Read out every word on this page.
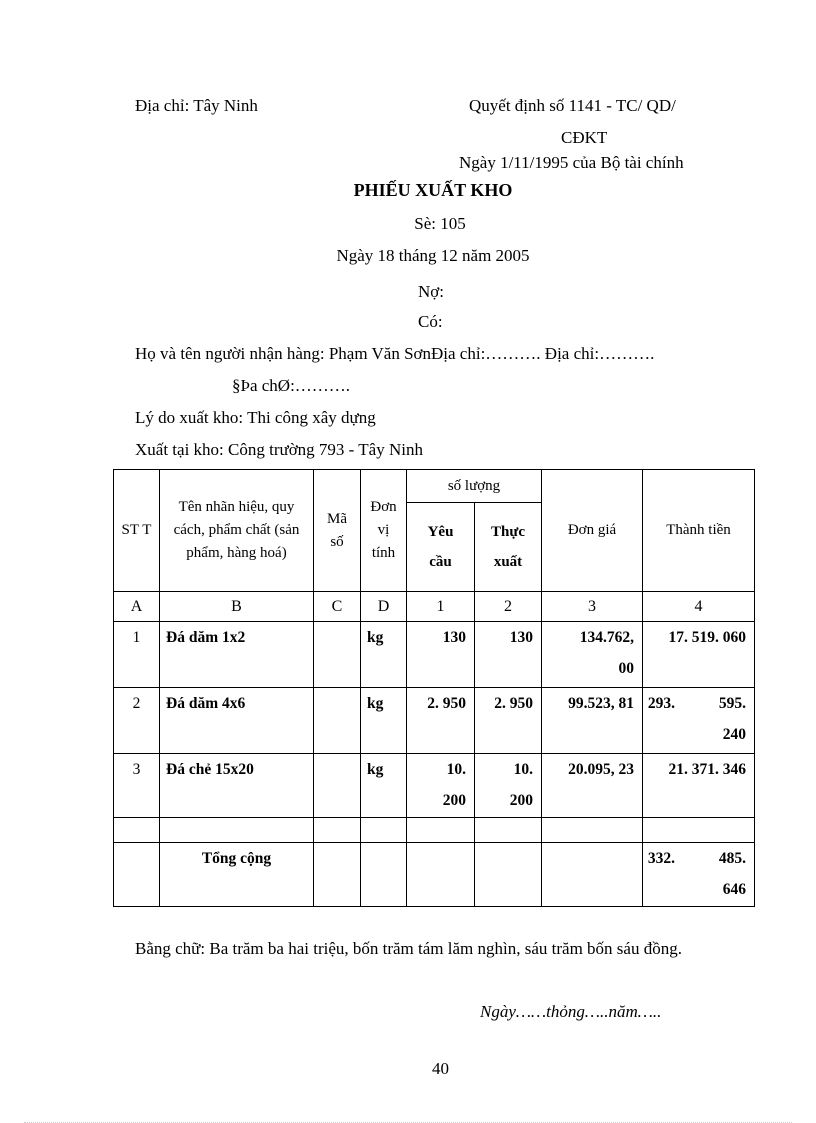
Địa chỉ: Tây Ninh	Quyết định số 1141 - TC/ QD/
CĐKT
Ngày 1/11/1995 của Bộ tài chính
PHIẾU XUẤT KHO
Sè: 105
Ngày 18 tháng 12 năm 2005
Nợ:
Có:
Họ và tên người nhận hàng: Phạm Văn SơnĐịa chỉ:………. Địa chỉ:……….
§Þa chØ:……….
Lý do xuất kho: Thi công xây dựng
Xuất tại kho: Công trường 793 - Tây Ninh
ST T	Tên nhãn hiệu, quy cách, phẩm chất (sản phẩm, hàng hoá)	Mã số	Đơn vị tính	số lượng		Đơn giá	Thành tiền
				Yêu cầu	Thực xuất		
A	B	C	D	1	2	3	4
1	Đá dăm 1x2		kg	130	130	134.762, 00	17. 519. 060
2	Đá dăm 4x6		kg	2. 950	2. 950	99.523, 81	293. 595. 240
3	Đá chẻ 15x20		kg	10. 200	10. 200	20.095, 23	21. 371. 346

	Tổng cộng						332. 485. 646
Bằng chữ: Ba trăm ba hai triệu, bốn trăm tám lăm nghìn, sáu trăm bốn sáu đồng.
Ngày……thỏng…..năm…..
40
